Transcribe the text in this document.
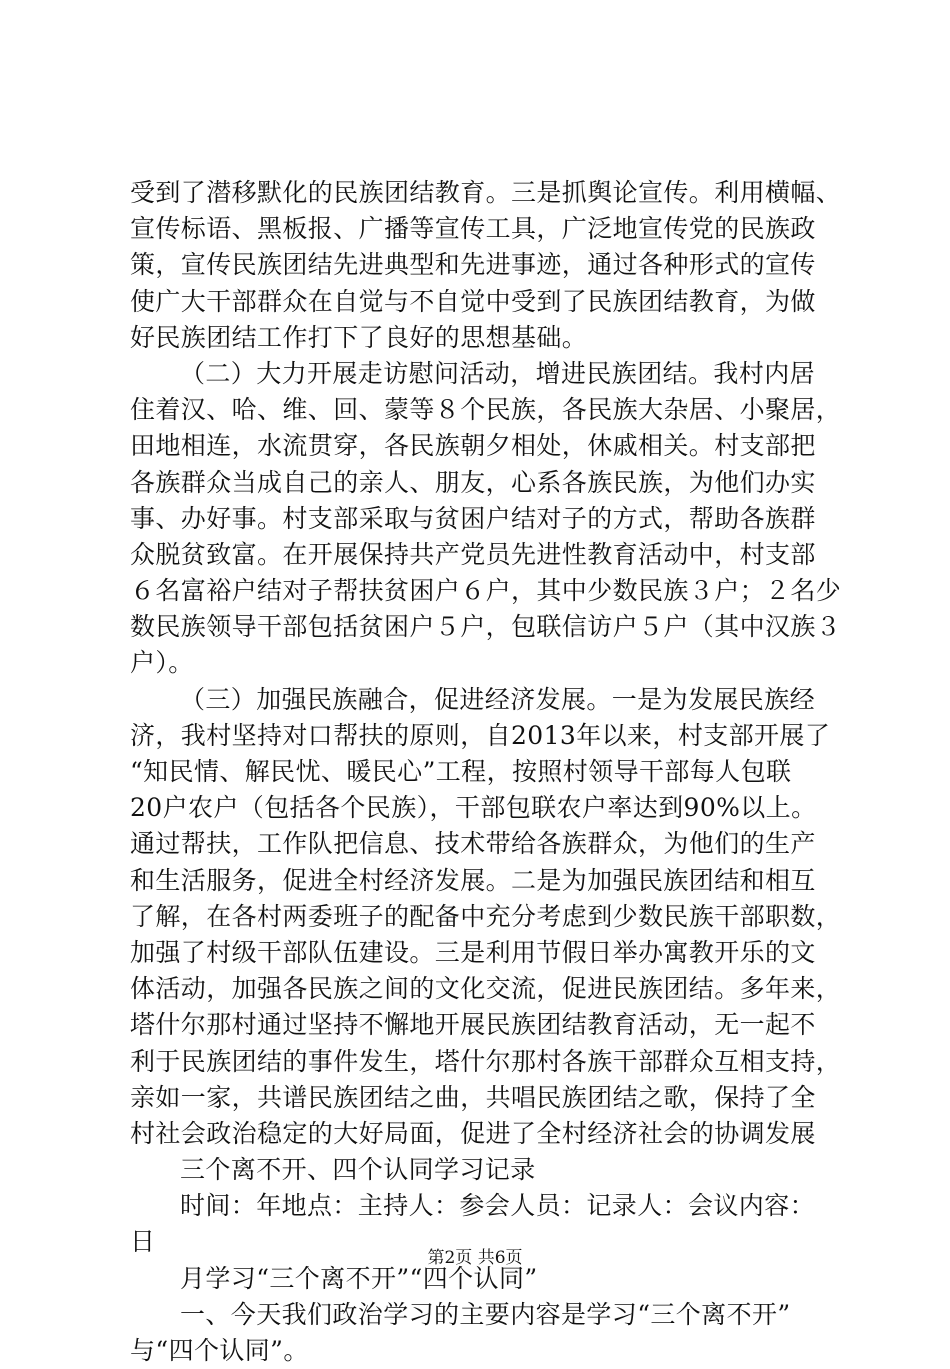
受到了潜移默化的民族团结教育。三是抓舆论宣传。利用横幅、
宣传标语、黑板报、广播等宣传工具，广泛地宣传党的民族政
策，宣传民族团结先进典型和先进事迹，通过各种形式的宣传
使广大干部群众在自觉与不自觉中受到了民族团结教育，为做
好民族团结工作打下了良好的思想基础。
（二）大力开展走访慰问活动，增进民族团结。我村内居
住着汉、哈、维、回、蒙等８个民族，各民族大杂居、小聚居，
田地相连，水流贯穿，各民族朝夕相处，休戚相关。村支部把
各族群众当成自己的亲人、朋友，心系各族民族，为他们办实
事、办好事。村支部采取与贫困户结对子的方式，帮助各族群
众脱贫致富。在开展保持共产党员先进性教育活动中，村支部
６名富裕户结对子帮扶贫困户６户，其中少数民族３户；２名少
数民族领导干部包括贫困户５户，包联信访户５户（其中汉族３
户）。
（三）加强民族融合，促进经济发展。一是为发展民族经
济，我村坚持对口帮扶的原则，自2013年以来，村支部开展了
“知民情、解民忧、暖民心”工程，按照村领导干部每人包联
20户农户（包括各个民族），干部包联农户率达到90%以上。
通过帮扶，工作队把信息、技术带给各族群众，为他们的生产
和生活服务，促进全村经济发展。二是为加强民族团结和相互
了解，在各村两委班子的配备中充分考虑到少数民族干部职数，
加强了村级干部队伍建设。三是利用节假日举办寓教开乐的文
体活动，加强各民族之间的文化交流，促进民族团结。多年来，
塔什尔那村通过坚持不懈地开展民族团结教育活动，无一起不
利于民族团结的事件发生，塔什尔那村各族干部群众互相支持，
亲如一家，共谱民族团结之曲，共唱民族团结之歌，保持了全
村社会政治稳定的大好局面，促进了全村经济社会的协调发展
三个离不开、四个认同学习记录
时间：年地点：主持人：参会人员：记录人：会议内容：
日
月学习“三个离不开”“四个认同”
一、今天我们政治学习的主要内容是学习“三个离不开”
与“四个认同”。
第2页 共6页
